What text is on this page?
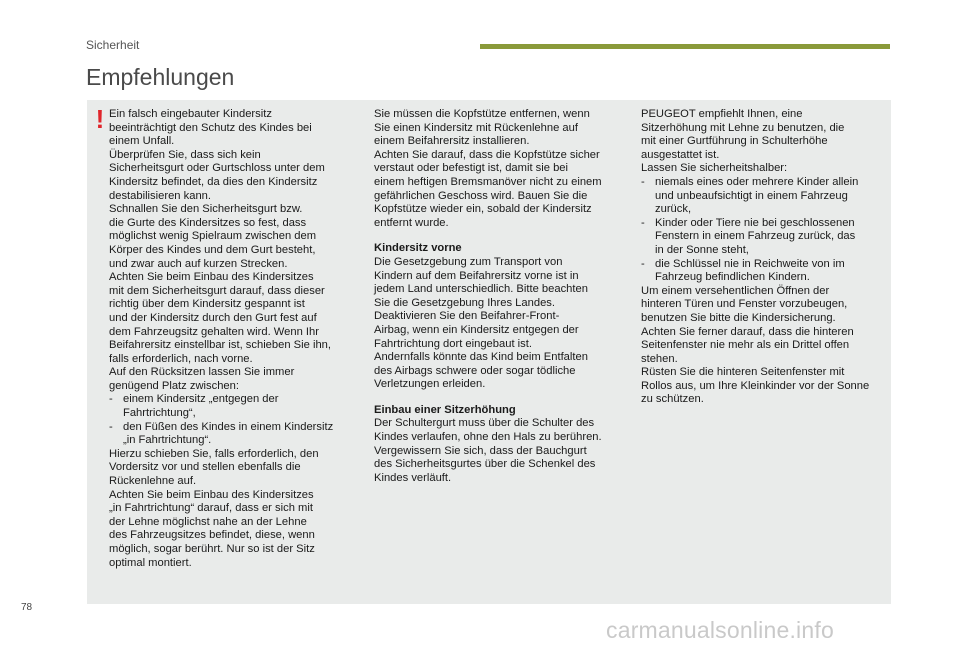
Sicherheit
Empfehlungen
! Ein falsch eingebauter Kindersitz
beeinträchtigt den Schutz des Kindes bei
einem Unfall.
Überprüfen Sie, dass sich kein
Sicherheitsgurt oder Gurtschloss unter dem
Kindersitz befindet, da dies den Kindersitz
destabilisieren kann.
Schnallen Sie den Sicherheitsgurt bzw.
die Gurte des Kindersitzes so fest, dass
möglichst wenig Spielraum zwischen dem
Körper des Kindes und dem Gurt besteht,
und zwar auch auf kurzen Strecken.
Achten Sie beim Einbau des Kindersitzes
mit dem Sicherheitsgurt darauf, dass dieser
richtig über dem Kindersitz gespannt ist
und der Kindersitz durch den Gurt fest auf
dem Fahrzeugsitz gehalten wird. Wenn Ihr
Beifahrersitz einstellbar ist, schieben Sie ihn,
falls erforderlich, nach vorne.
Auf den Rücksitzen lassen Sie immer
genügend Platz zwischen:

- einem Kindersitz „entgegen der
Fahrtrichtung“,
- den Füßen des Kindes in einem Kindersitz
„in Fahrtrichtung“.

Hierzu schieben Sie, falls erforderlich, den
Vordersitz vor und stellen ebenfalls die
Rückenlehne auf.
Achten Sie beim Einbau des Kindersitzes
„in Fahrtrichtung“ darauf, dass er sich mit
der Lehne möglichst nahe an der Lehne
des Fahrzeugsitzes befindet, diese, wenn
möglich, sogar berührt. Nur so ist der Sitz
optimal montiert.

Sie müssen die Kopfstütze entfernen, wenn
Sie einen Kindersitz mit Rückenlehne auf
einem Beifahrersitz installieren.
Achten Sie darauf, dass die Kopfstütze sicher
verstaut oder befestigt ist, damit sie bei
einem heftigen Bremsmanöver nicht zu einem
gefährlichen Geschoss wird. Bauen Sie die
Kopfstütze wieder ein, sobald der Kindersitz
entfernt wurde.

Kindersitz vorne

Die Gesetzgebung zum Transport von
Kindern auf dem Beifahrersitz vorne ist in
jedem Land unterschiedlich. Bitte beachten
Sie die Gesetzgebung Ihres Landes.
Deaktivieren Sie den Beifahrer-Front-
Airbag, wenn ein Kindersitz entgegen der
Fahrtrichtung dort eingebaut ist.
Andernfalls könnte das Kind beim Entfalten
des Airbags schwere oder sogar tödliche
Verletzungen erleiden.

Einbau einer Sitzerhöhung

Der Schultergurt muss über die Schulter des
Kindes verlaufen, ohne den Hals zu berühren.
Vergewissern Sie sich, dass der Bauchgurt
des Sicherheitsgurtes über die Schenkel des
Kindes verläuft.

PEUGEOT empfiehlt Ihnen, eine
Sitzerhöhung mit Lehne zu benutzen, die
mit einer Gurtführung in Schulterhöhe
ausgestattet ist.
Lassen Sie sicherheitshalber:

- niemals eines oder mehrere Kinder allein
und unbeaufsichtigt in einem Fahrzeug
zurück,
- Kinder oder Tiere nie bei geschlossenen
Fenstern in einem Fahrzeug zurück, das
in der Sonne steht,
- die Schlüssel nie in Reichweite von im
Fahrzeug befindlichen Kindern.

Um einem versehentlichen Öffnen der
hinteren Türen und Fenster vorzubeugen,
benutzen Sie bitte die Kindersicherung.
Achten Sie ferner darauf, dass die hinteren
Seitenfenster nie mehr als ein Drittel offen
stehen.
Rüsten Sie die hinteren Seitenfenster mit
Rollos aus, um Ihre Kleinkinder vor der Sonne
zu schützen.

78
carmanualsonline.info
